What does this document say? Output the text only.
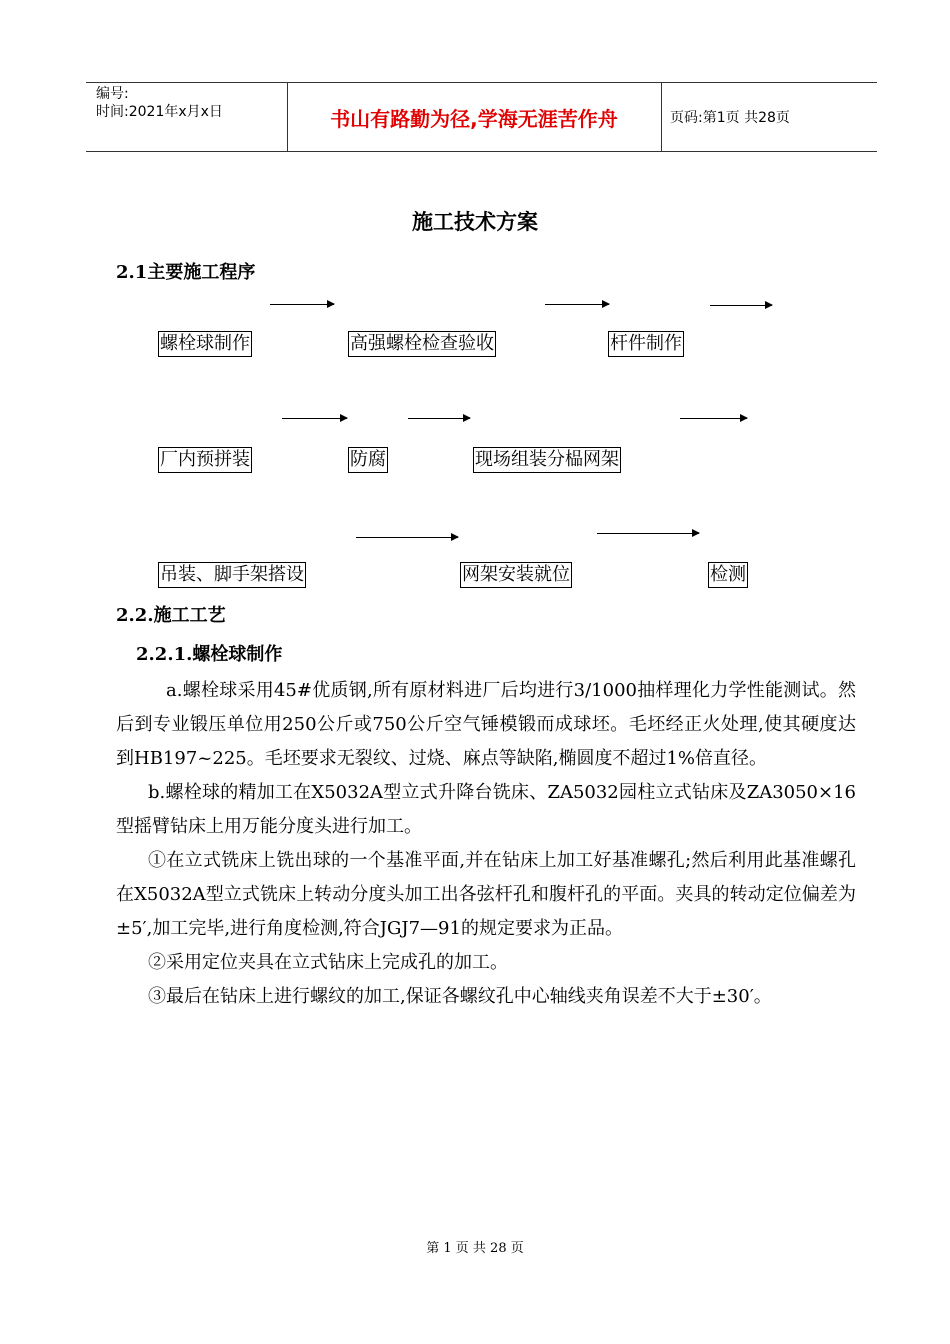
编号:
时间:2021年x月x日	书山有路勤为径,学海无涯苦作舟	页码:第1页 共28页
施工技术方案
2.1主要施工程序
螺栓球制作	高强螺栓检查验收	杆件制作
厂内预拼装	防腐	现场组装分榀网架
吊装、脚手架搭设	网架安装就位	检测
2.2.施工工艺
2.2.1.螺栓球制作

a.螺栓球采用45#优质钢,所有原材料进厂后均进行3/1000抽样理化力学性能测试。然后到专业锻压单位用250公斤或750公斤空气锤模锻而成球坯。毛坯经正火处理,使其硬度达到HB197~225。毛坯要求无裂纹、过烧、麻点等缺陷,椭圆度不超过1%倍直径。

b.螺栓球的精加工在X5032A型立式升降台铣床、ZA5032园柱立式钻床及ZA3050×16型摇臂钻床上用万能分度头进行加工。

①在立式铣床上铣出球的一个基准平面,并在钻床上加工好基准螺孔;然后利用此基准螺孔在X5032A型立式铣床上转动分度头加工出各弦杆孔和腹杆孔的平面。夹具的转动定位偏差为±5′,加工完毕,进行角度检测,符合JGJ7—91的规定要求为正品。

②采用定位夹具在立式钻床上完成孔的加工。

③最后在钻床上进行螺纹的加工,保证各螺纹孔中心轴线夹角误差不大于±30′。

第 1 页 共 28 页
